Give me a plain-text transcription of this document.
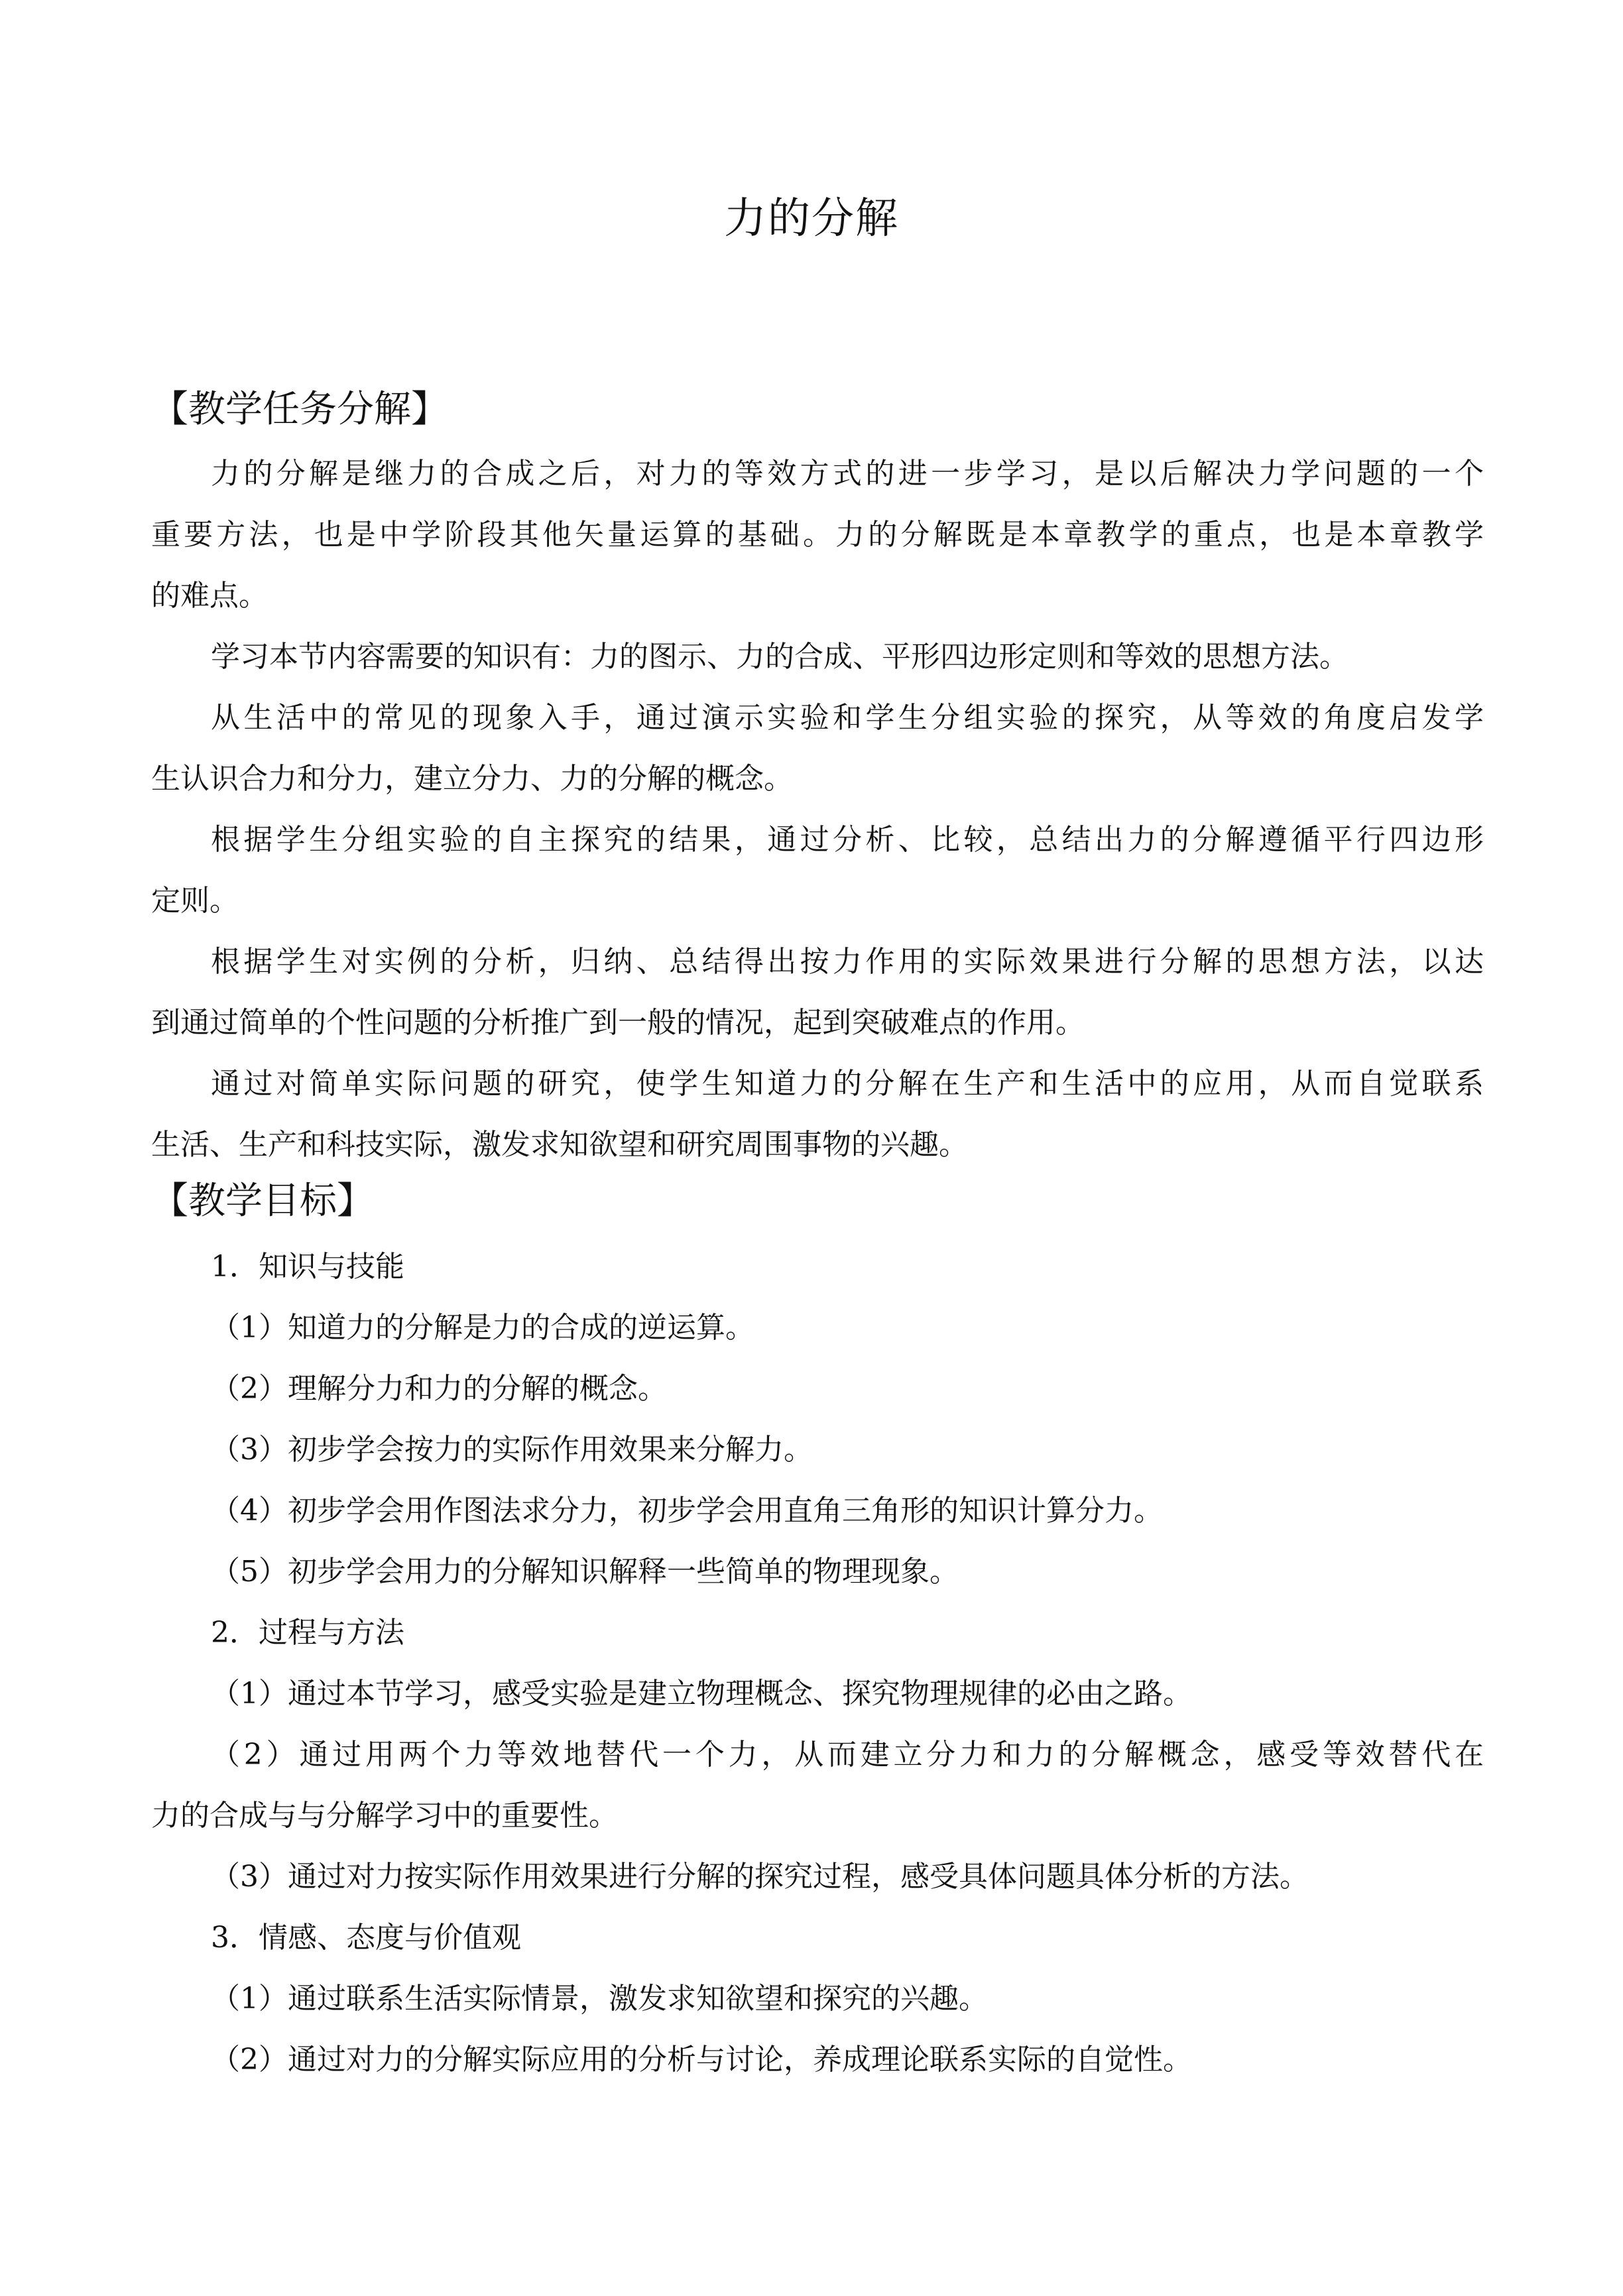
力的分解
【教学任务分解】
力的分解是继力的合成之后，对力的等效方式的进一步学习，是以后解决力学问题的一个
重要方法，也是中学阶段其他矢量运算的基础。力的分解既是本章教学的重点，也是本章教学
的难点。
学习本节内容需要的知识有：力的图示、力的合成、平形四边形定则和等效的思想方法。
从生活中的常见的现象入手，通过演示实验和学生分组实验的探究，从等效的角度启发学
生认识合力和分力，建立分力、力的分解的概念。
根据学生分组实验的自主探究的结果，通过分析、比较，总结出力的分解遵循平行四边形
定则。
根据学生对实例的分析，归纳、总结得出按力作用的实际效果进行分解的思想方法，以达
到通过简单的个性问题的分析推广到一般的情况，起到突破难点的作用。
通过对简单实际问题的研究，使学生知道力的分解在生产和生活中的应用，从而自觉联系
生活、生产和科技实际，激发求知欲望和研究周围事物的兴趣。
【教学目标】
1．知识与技能
（1）知道力的分解是力的合成的逆运算。
（2）理解分力和力的分解的概念。
（3）初步学会按力的实际作用效果来分解力。
（4）初步学会用作图法求分力，初步学会用直角三角形的知识计算分力。
（5）初步学会用力的分解知识解释一些简单的物理现象。
2．过程与方法
（1）通过本节学习，感受实验是建立物理概念、探究物理规律的必由之路。
（2）通过用两个力等效地替代一个力，从而建立分力和力的分解概念，感受等效替代在
力的合成与与分解学习中的重要性。
（3）通过对力按实际作用效果进行分解的探究过程，感受具体问题具体分析的方法。
3．情感、态度与价值观
（1）通过联系生活实际情景，激发求知欲望和探究的兴趣。
（2）通过对力的分解实际应用的分析与讨论，养成理论联系实际的自觉性。
